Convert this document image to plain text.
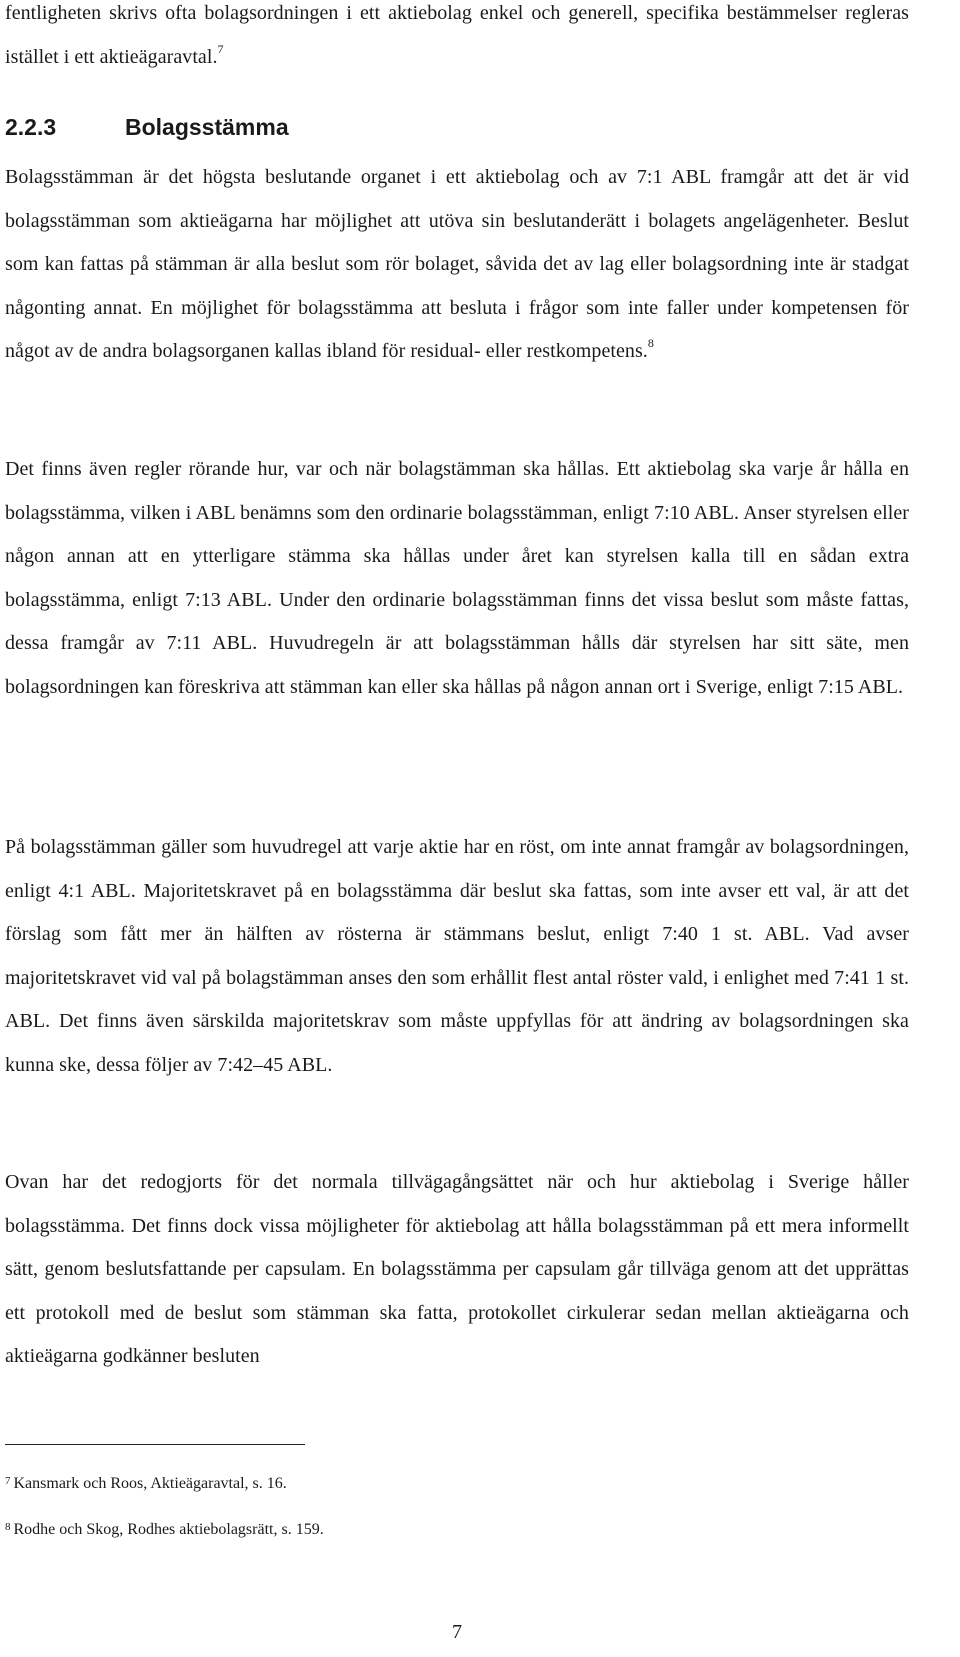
fentligheten skrivs ofta bolagsordningen i ett aktiebolag enkel och generell, specifika bestämmelser regleras istället i ett aktieägaravtal.$^7$

2.2.3	Bolagsstämma

Bolagsstämman är det högsta beslutande organet i ett aktiebolag och av 7:1 ABL framgår att det är vid bolagsstämman som aktieägarna har möjlighet att utöva sin beslutanderätt i bolagets angelägenheter. Beslut som kan fattas på stämman är alla beslut som rör bolaget, såvida det av lag eller bolagsordning inte är stadgat någonting annat. En möjlighet för bolagsstämma att besluta i frågor som inte faller under kompetensen för något av de andra bolagsorganen kallas ibland för residual- eller restkompetens.$^8$

Det finns även regler rörande hur, var och när bolagstämman ska hållas. Ett aktiebolag ska varje år hålla en bolagsstämma, vilken i ABL benämns som den ordinarie bolagsstämman, enligt 7:10 ABL. Anser styrelsen eller någon annan att en ytterligare stämma ska hållas under året kan styrelsen kalla till en sådan extra bolagsstämma, enligt 7:13 ABL. Under den ordinarie bolagsstämman finns det vissa beslut som måste fattas, dessa framgår av 7:11 ABL. Huvudregeln är att bolagsstämman hålls där styrelsen har sitt säte, men bolagsordningen kan föreskriva att stämman kan eller ska hållas på någon annan ort i Sverige, enligt 7:15 ABL.

På bolagsstämman gäller som huvudregel att varje aktie har en röst, om inte annat framgår av bolagsordningen, enligt 4:1 ABL. Majoritetskravet på en bolagsstämma där beslut ska fattas, som inte avser ett val, är att det förslag som fått mer än hälften av rösterna är stämmans beslut, enligt 7:40 1 st. ABL. Vad avser majoritetskravet vid val på bolagstämman anses den som erhållit flest antal röster vald, i enlighet med 7:41 1 st. ABL. Det finns även särskilda majoritetskrav som måste uppfyllas för att ändring av bolagsordningen ska kunna ske, dessa följer av 7:42–45 ABL.

Ovan har det redogjorts för det normala tillvägagångsättet när och hur aktiebolag i Sverige håller bolagsstämma. Det finns dock vissa möjligheter för aktiebolag att hålla bolagsstämman på ett mera informellt sätt, genom beslutsfattande per capsulam. En bolagsstämma per capsulam går tillväga genom att det upprättas ett protokoll med de beslut som stämman ska fatta, protokollet cirkulerar sedan mellan aktieägarna och aktieägarna godkänner besluten

$^7$ Kansmark och Roos, Aktieägaravtal, s. 16.

$^8$ Rodhe och Skog, Rodhes aktiebolagsrätt, s. 159.

7
